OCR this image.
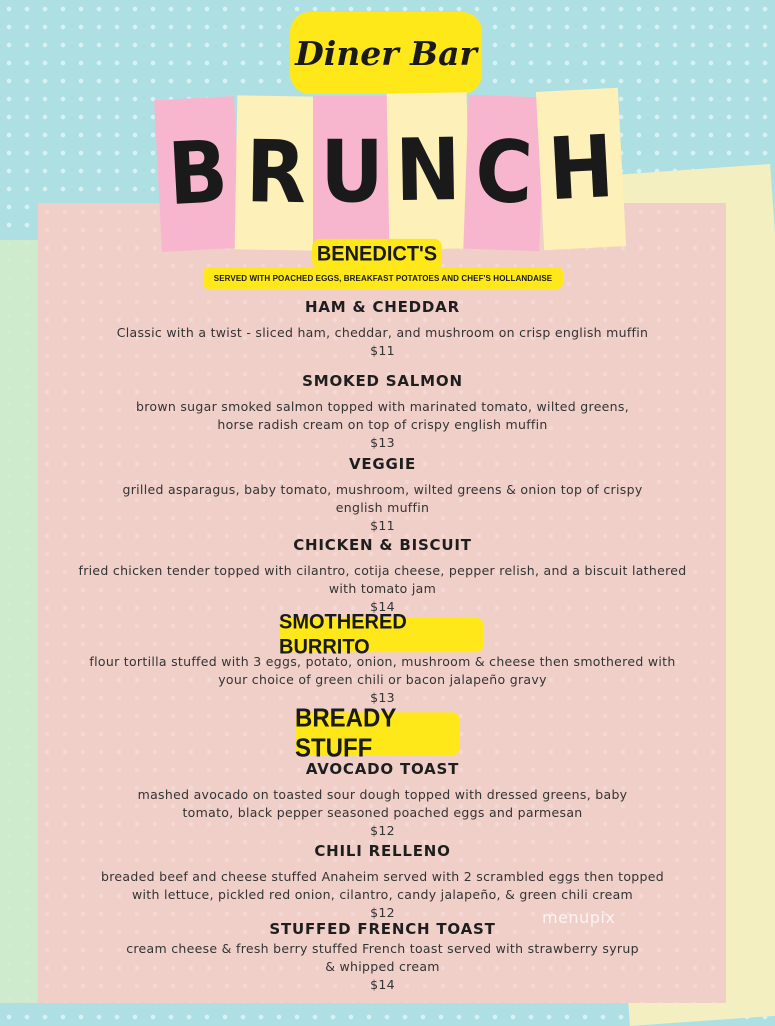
Diner Bar
B R U N C H
BENEDICT'S
SERVED WITH POACHED EGGS, BREAKFAST POTATOES AND CHEF'S HOLLANDAISE
HAM & CHEDDAR
Classic with a twist - sliced ham, cheddar, and mushroom on crisp english muffin
$11
SMOKED SALMON
brown sugar smoked salmon topped with marinated tomato, wilted greens,
horse radish cream on top of crispy english muffin
$13
VEGGIE
grilled asparagus, baby tomato, mushroom, wilted greens & onion top of crispy
english muffin
$11
CHICKEN & BISCUIT
fried chicken tender topped with cilantro, cotija cheese, pepper relish, and a biscuit lathered
with tomato jam
$14
SMOTHERED BURRITO
flour tortilla stuffed with 3 eggs, potato, onion, mushroom & cheese then smothered with
your choice of green chili or bacon jalapeño gravy
$13
BREADY STUFF
AVOCADO TOAST
mashed avocado on toasted sour dough topped with dressed greens, baby
tomato, black pepper seasoned poached eggs and parmesan
$12
CHILI RELLENO
breaded beef and cheese stuffed Anaheim served with 2 scrambled eggs then topped
with lettuce, pickled red onion, cilantro, candy jalapeño, & green chili cream
$12
STUFFED FRENCH TOAST
cream cheese & fresh berry stuffed French toast served with strawberry syrup
& whipped cream
$14
menupix
